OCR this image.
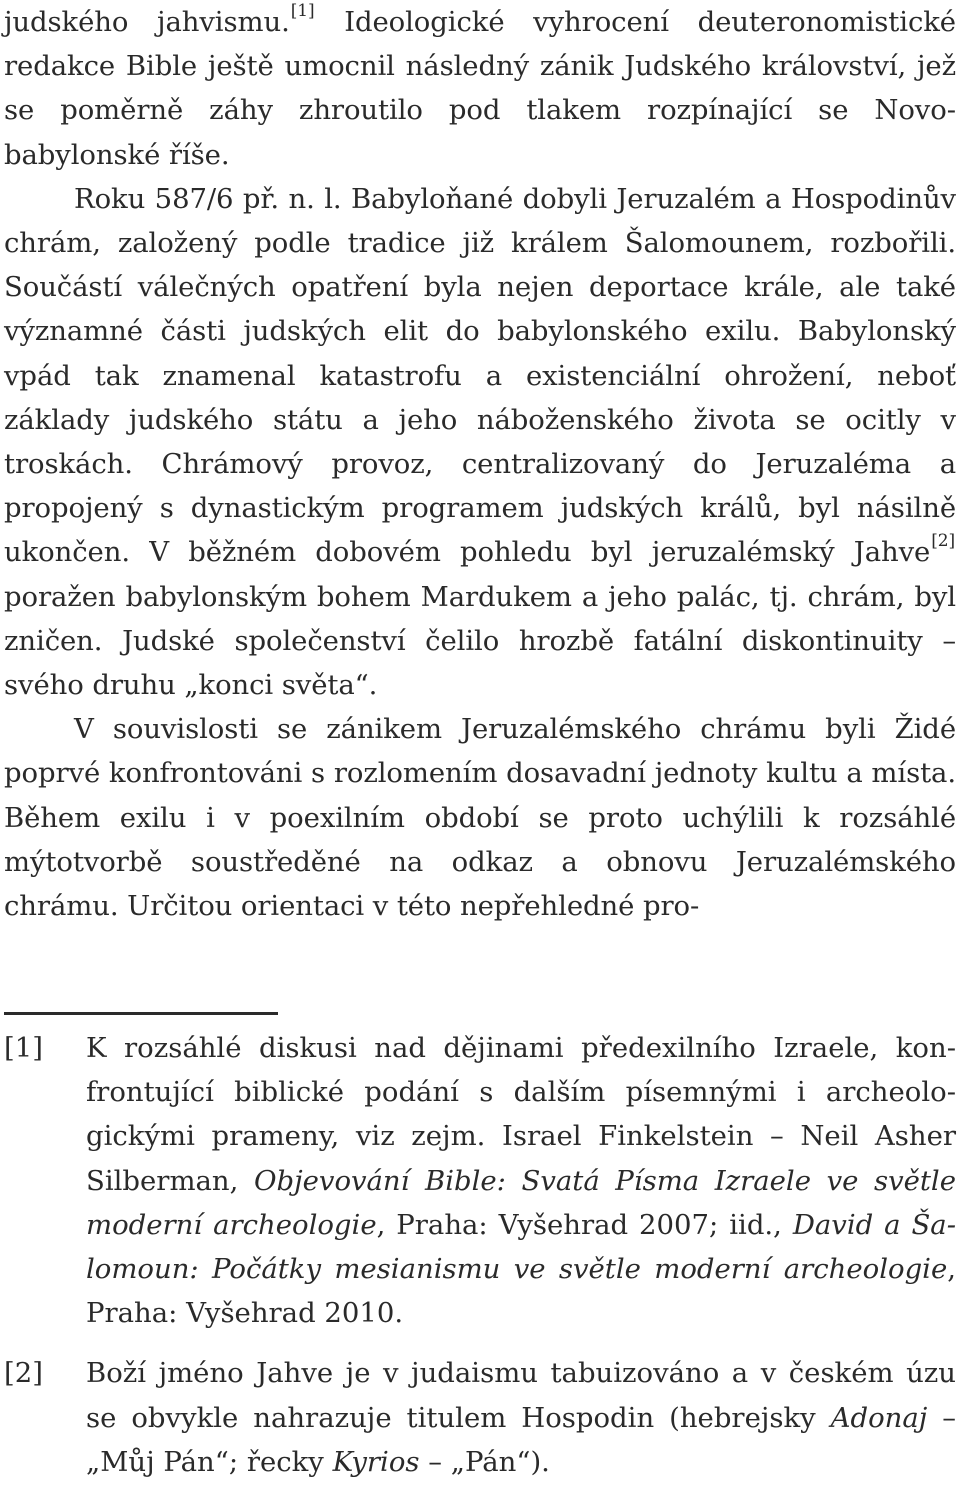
judského jahvismu.[1] Ideologické vyhrocení deuteronomistické redakce Bible ještě umocnil následný zánik Judského království, jež se poměrně záhy zhroutilo pod tlakem rozpínající se Novobabylonské říše.

Roku 587/6 př. n. l. Babyloňané dobyli Jeruzalém a Hospodinův chrám, založený podle tradice již králem Šalomounem, rozbořili. Součástí válečných opatření byla nejen deportace krále, ale také významné části judských elit do babylonského exilu. Babylonský vpád tak znamenal katastrofu a existenciální ohrožení, neboť základy judského státu a jeho náboženského života se ocitly v troskách. Chrámový provoz, centralizovaný do Jeruzaléma a propojený s dynastickým programem judských králů, byl násilně ukončen. V běžném dobovém pohledu byl jeruzalémský Jahve[2] poražen babylonským bohem Mardukem a jeho palác, tj. chrám, byl zničen. Judské společenství čelilo hrozbě fatální diskontinuity – svého druhu „konci světa“.

V souvislosti se zánikem Jeruzalémského chrámu byli Židé poprvé konfrontováni s rozlomením dosavadní jednoty kultu a místa. Během exilu i v poexilním období se proto uchýlili k rozsáhlé mýtotvorbě soustředěné na odkaz a obnovu Jeruzalémského chrámu. Určitou orientaci v této nepřehledné pro-

[1] K rozsáhlé diskusi nad dějinami předexilního Izraele, konfrontující biblické podání s dalším písemnými i archeologickými prameny, viz zejm. Israel Finkelstein – Neil Asher Silberman, Objevování Bible: Svatá Písma Izraele ve světle moderní archeologie, Praha: Vyšehrad 2007; iid., David a Šalomoun: Počátky mesianismu ve světle moderní archeologie, Praha: Vyšehrad 2010.
[2] Boží jméno Jahve je v judaismu tabuizováno a v českém úzu se obvykle nahrazuje titulem Hospodin (hebrejsky Adonaj – „Můj Pán“; řecky Kyrios – „Pán“).
